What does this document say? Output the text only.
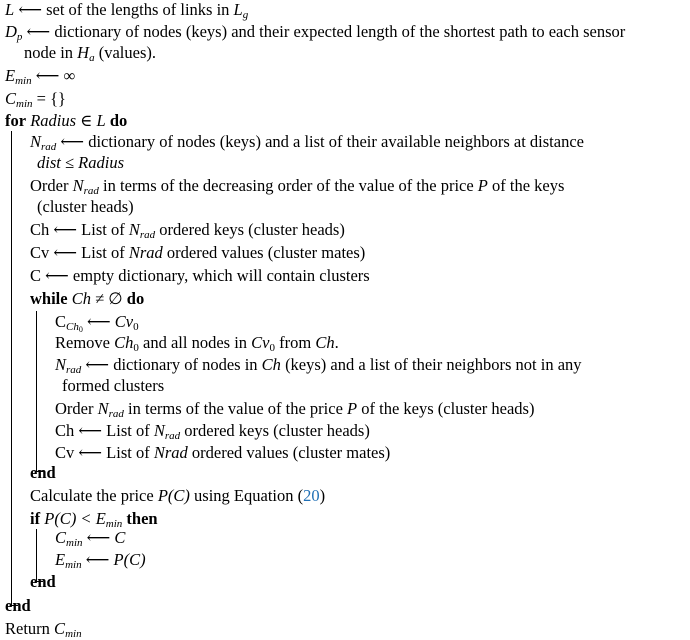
L ⟵ set of the lengths of links in $L_g$
$D_p$ ⟵ dictionary of nodes (keys) and their expected length of the shortest path to each sensor
node in $H_a$ (values).
$E_{min}$ ⟵ ∞
$C_{min}$ = {}
for Radius ∈ L do
$N_{rad}$ ⟵ dictionary of nodes (keys) and a list of their available neighbors at distance
dist ≤ Radius
Order $N_{rad}$ in terms of the decreasing order of the value of the price P of the keys
(cluster heads)
Ch ⟵ List of $N_{rad}$ ordered keys (cluster heads)
Cv ⟵ List of Nrad ordered values (cluster mates)
C ⟵ empty dictionary, which will contain clusters
while Ch ≠ ∅ do
$C_{Ch0}$ ⟵ $Cv_0$
Remove $Ch_0$ and all nodes in $Cv_0$ from Ch.
$N_{rad}$ ⟵ dictionary of nodes in Ch (keys) and a list of their neighbors not in any
formed clusters
Order $N_{rad}$ in terms of the value of the price P of the keys (cluster heads)
Ch ⟵ List of $N_{rad}$ ordered keys (cluster heads)
Cv ⟵ List of Nrad ordered values (cluster mates)
end
Calculate the price P(C) using Equation (20)
if $P(C) < E_{min}$ then
$C_{min}$ ⟵ C
$E_{min}$ ⟵ P(C)
end
end
Return $C_{min}$
